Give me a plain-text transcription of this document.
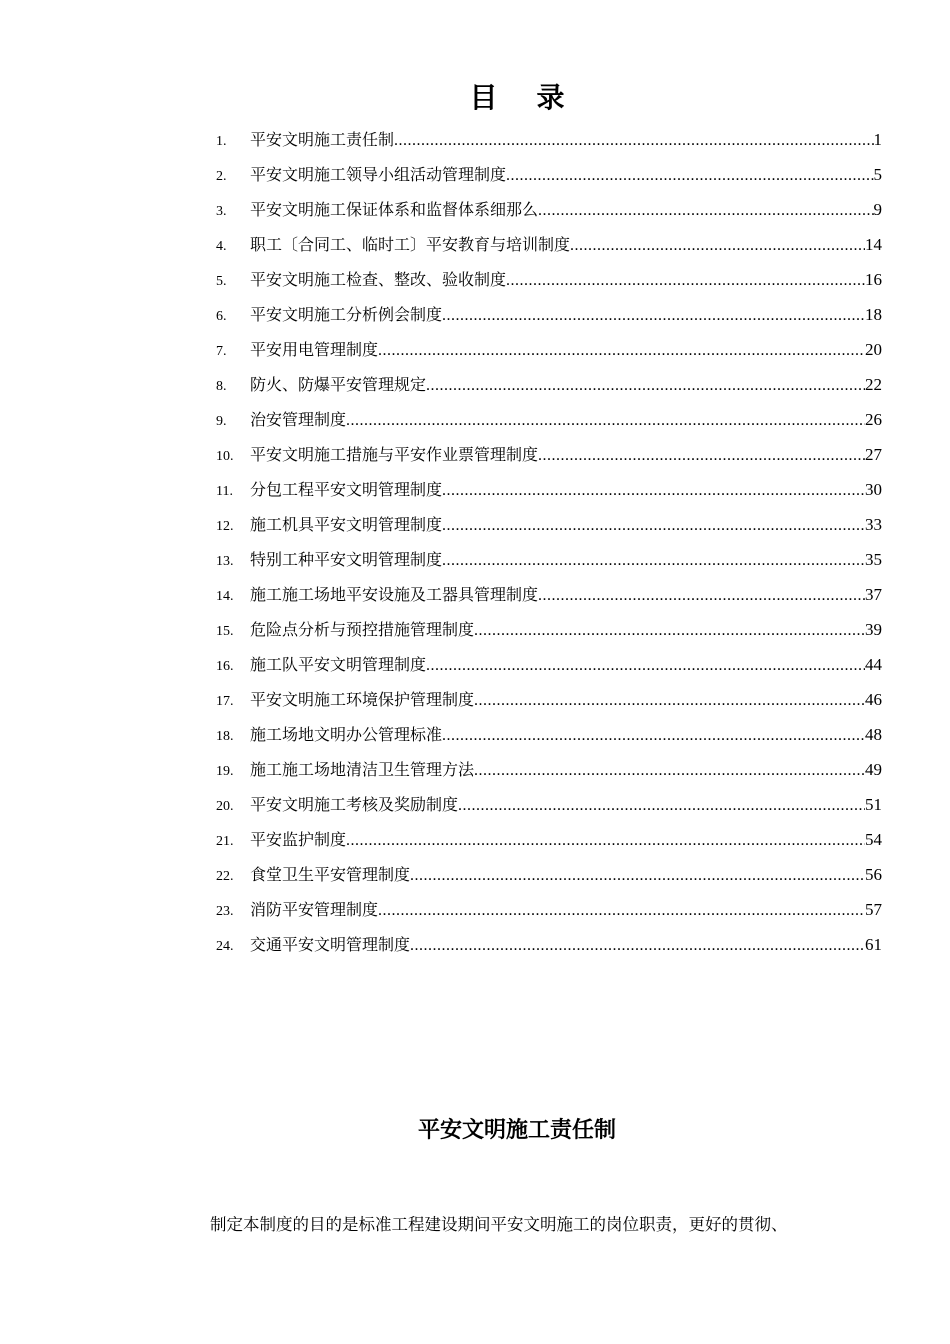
目    录
1.	平安文明施工责任制 .....	1
2.	平安文明施工领导小组活动管理制度 .....	5
3.	平安文明施工保证体系和监督体系细那么 .....	9
4.	职工〔合同工、临时工〕平安教育与培训制度 .....	14
5.	平安文明施工检查、整改、验收制度 .....	16
6.	平安文明施工分析例会制度 .....	18
7.	平安用电管理制度 .....	20
8.	防火、防爆平安管理规定 .....	22
9.	治安管理制度 .....	26
10.	平安文明施工措施与平安作业票管理制度 .....	27
11.	分包工程平安文明管理制度 .....	30
12.	施工机具平安文明管理制度 .....	33
13.	特别工种平安文明管理制度 .....	35
14.	施工施工场地平安设施及工器具管理制度 .....	37
15.	危险点分析与预控措施管理制度 .....	39
16.	施工队平安文明管理制度 .....	44
17.	平安文明施工环境保护管理制度 .....	46
18.	施工场地文明办公管理标准 .....	48
19.	施工施工场地清洁卫生管理方法 .....	49
20.	平安文明施工考核及奖励制度 .....	51
21.	平安监护制度 .....	54
22.	食堂卫生平安管理制度 .....	56
23.	消防平安管理制度 .....	57
24.	交通平安文明管理制度 .....	61
平安文明施工责任制
制定本制度的目的是标准工程建设期间平安文明施工的岗位职责，更好的贯彻、
